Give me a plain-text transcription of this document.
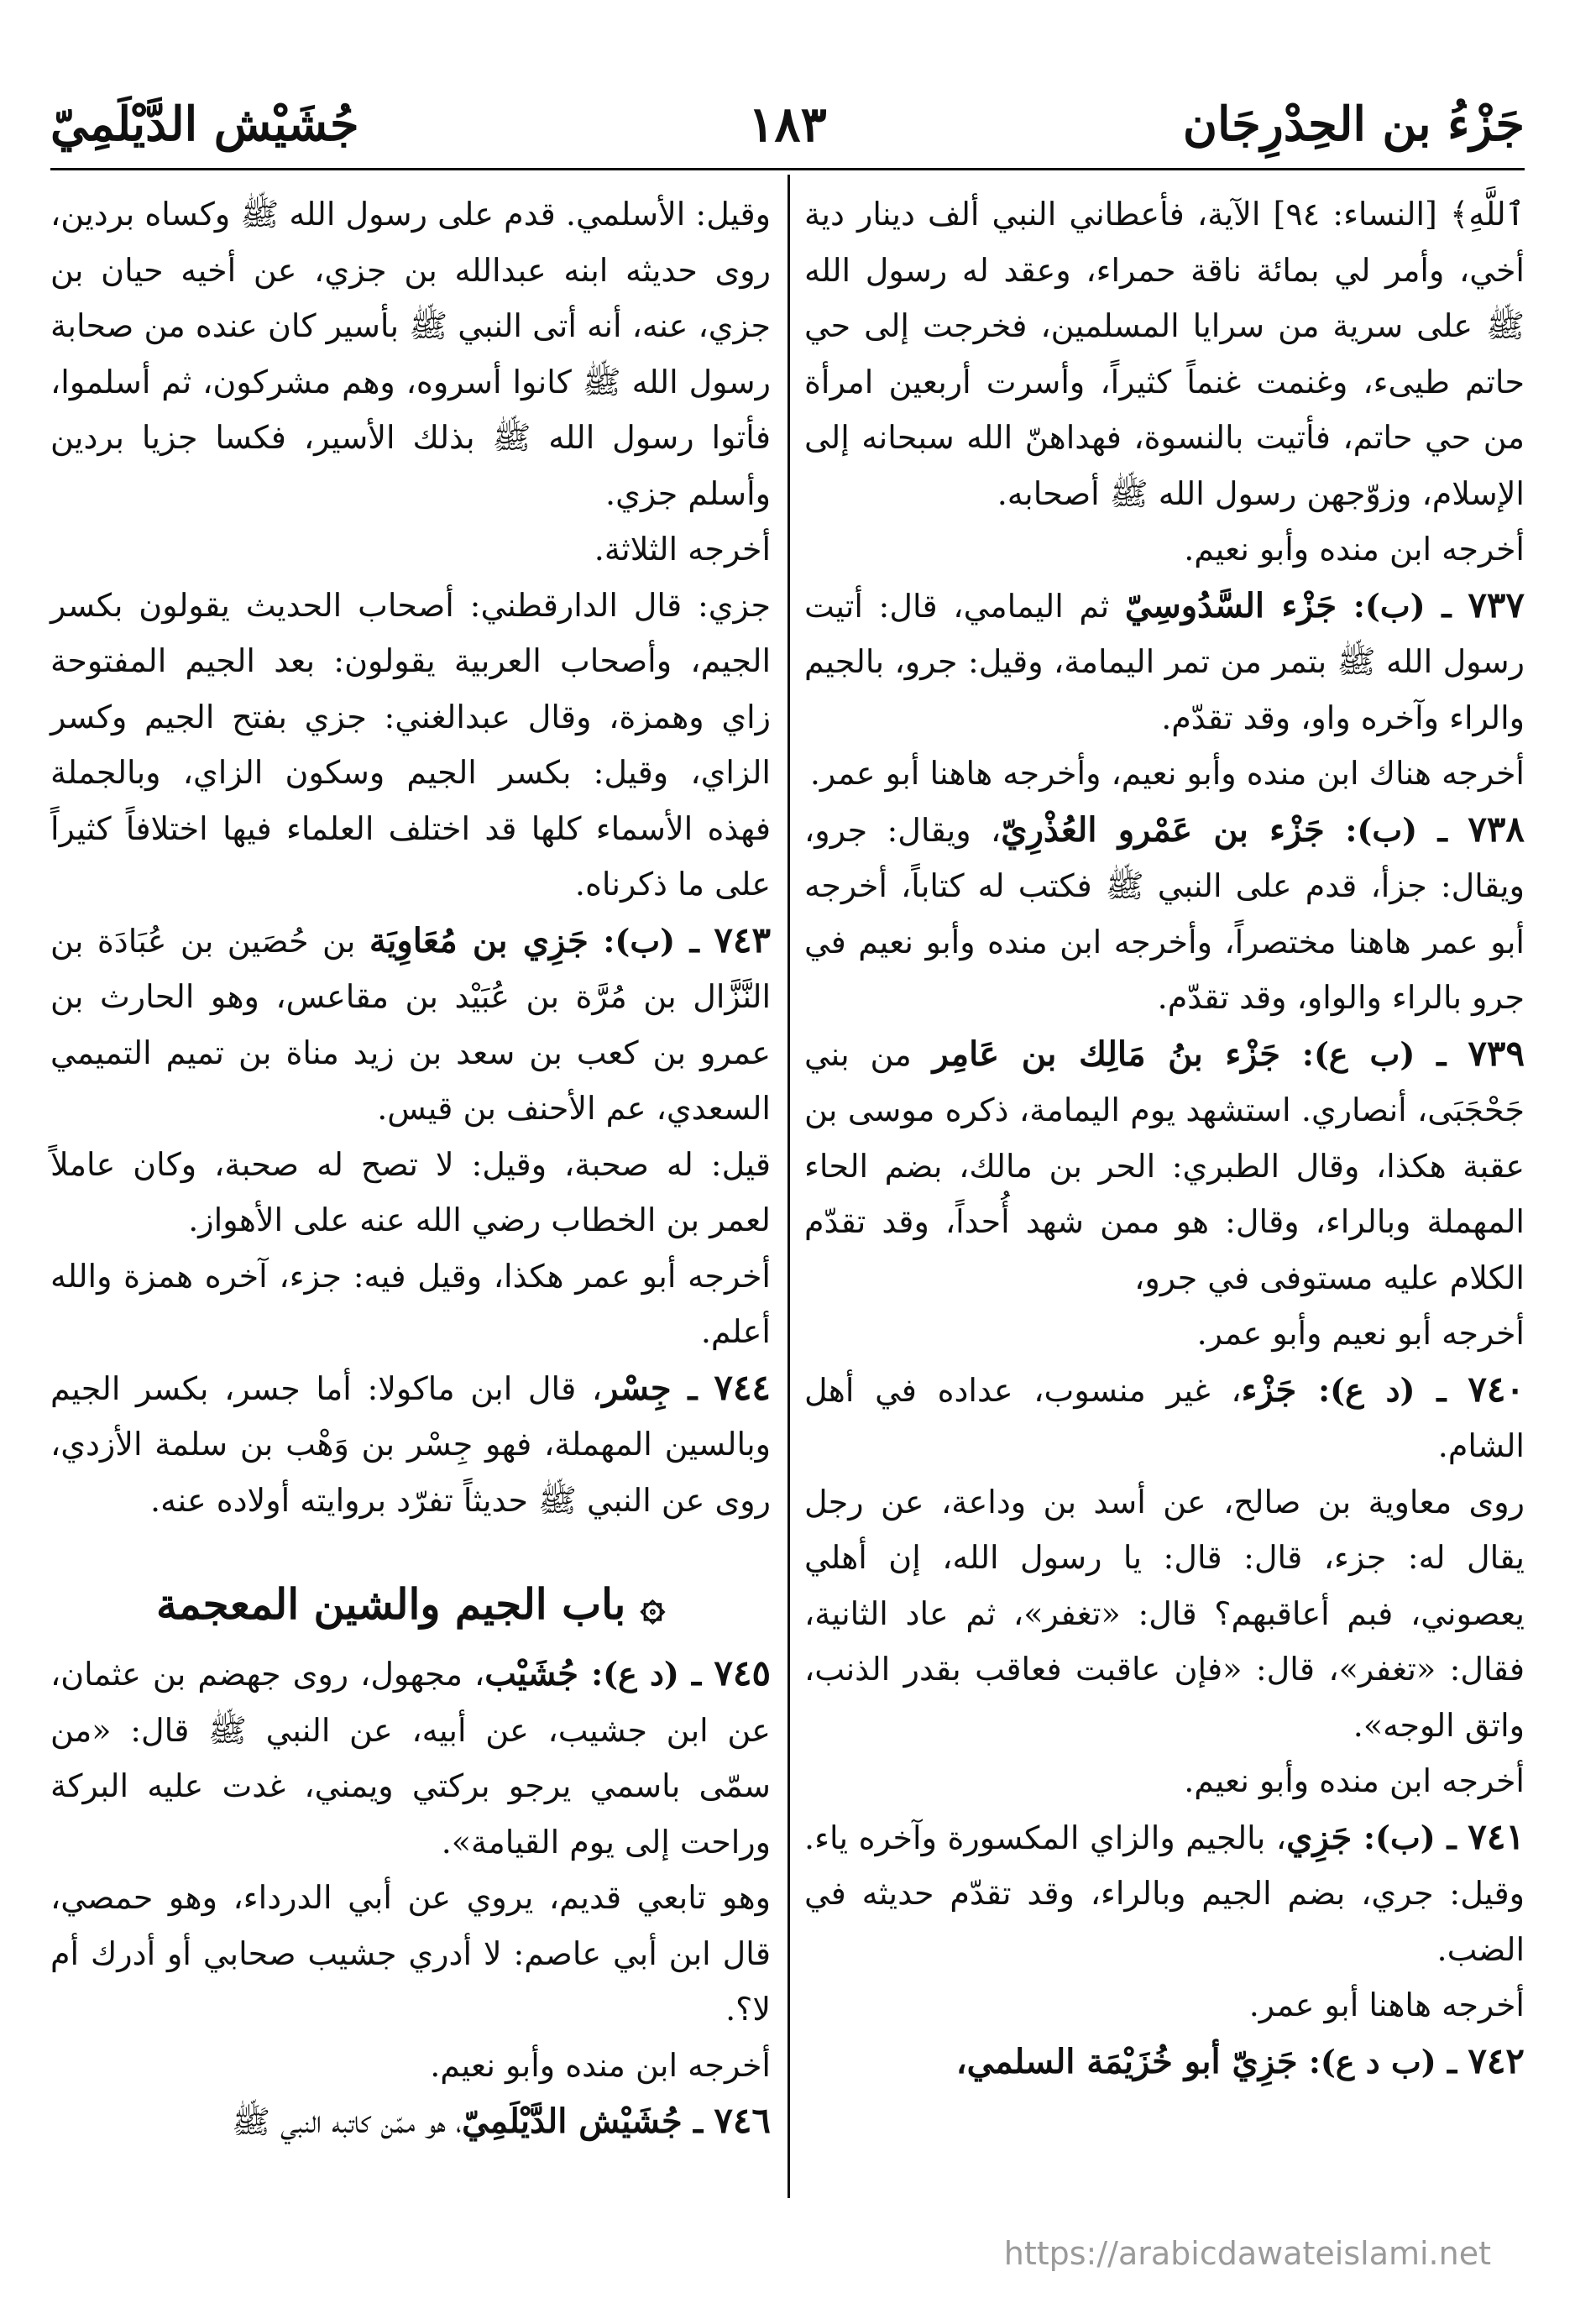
جَزْءُ بن الحِدْرِجَان
١٨٣
جُشَيْش الدَّيْلَمِيّ

ٱللَّهِ﴾ [النساء: ٩٤] الآية، فأعطاني النبي ألف دينار دية أخي، وأمر لي بمائة ناقة حمراء، وعقد له رسول الله ﷺ على سرية من سرايا المسلمين، فخرجت إلى حي حاتم طيىء، وغنمت غنماً كثيراً، وأسرت أربعين امرأة من حي حاتم، فأتيت بالنسوة، فهداهنّ الله سبحانه إلى الإسلام، وزوّجهن رسول الله ﷺ أصحابه.

أخرجه ابن منده وأبو نعيم.

٧٣٧ ـ (ب): جَزْء السَّدُوسِيّ ثم اليمامي، قال: أتيت رسول الله ﷺ بتمر من تمر اليمامة، وقيل: جرو، بالجيم والراء وآخره واو، وقد تقدّم.

أخرجه هناك ابن منده وأبو نعيم، وأخرجه هاهنا أبو عمر.

٧٣٨ ـ (ب): جَزْء بن عَمْرو العُذْرِيّ، ويقال: جرو، ويقال: جزأ، قدم على النبي ﷺ فكتب له كتاباً، أخرجه أبو عمر هاهنا مختصراً، وأخرجه ابن منده وأبو نعيم في جرو بالراء والواو، وقد تقدّم.

٧٣٩ ـ (ب ع): جَزْء بنُ مَالِك بن عَامِر من بني جَحْجَبَى، أنصاري. استشهد يوم اليمامة، ذكره موسى بن عقبة هكذا، وقال الطبري: الحر بن مالك، بضم الحاء المهملة وبالراء، وقال: هو ممن شهد أُحداً، وقد تقدّم الكلام عليه مستوفى في جرو،

أخرجه أبو نعيم وأبو عمر.

٧٤٠ ـ (د ع): جَزْء، غير منسوب، عداده في أهل الشام.

روى معاوية بن صالح، عن أسد بن وداعة، عن رجل يقال له: جزء، قال: قال: يا رسول الله، إن أهلي يعصوني، فبم أعاقبهم؟ قال: «تغفر»، ثم عاد الثانية، فقال: «تغفر»، قال: «فإن عاقبت فعاقب بقدر الذنب، واتق الوجه».

أخرجه ابن منده وأبو نعيم.

٧٤١ ـ (ب): جَزِي، بالجيم والزاي المكسورة وآخره ياء. وقيل: جري، بضم الجيم وبالراء، وقد تقدّم حديثه في الضب.

أخرجه هاهنا أبو عمر.

٧٤٢ ـ (ب د ع): جَزِيّ أبو خُزَيْمَة السلمي،

وقيل: الأسلمي. قدم على رسول الله ﷺ وكساه بردين، روى حديثه ابنه عبدالله بن جزي، عن أخيه حيان بن جزي، عنه، أنه أتى النبي ﷺ بأسير كان عنده من صحابة رسول الله ﷺ كانوا أسروه، وهم مشركون، ثم أسلموا، فأتوا رسول الله ﷺ بذلك الأسير، فكسا جزيا بردين وأسلم جزي.

أخرجه الثلاثة.

جزي: قال الدارقطني: أصحاب الحديث يقولون بكسر الجيم، وأصحاب العربية يقولون: بعد الجيم المفتوحة زاي وهمزة، وقال عبدالغني: جزي بفتح الجيم وكسر الزاي، وقيل: بكسر الجيم وسكون الزاي، وبالجملة فهذه الأسماء كلها قد اختلف العلماء فيها اختلافاً كثيراً على ما ذكرناه.

٧٤٣ ـ (ب): جَزِي بن مُعَاوِيَة بن حُصَين بن عُبَادَة بن النَّزَّال بن مُرَّة بن عُبَيْد بن مقاعس، وهو الحارث بن عمرو بن كعب بن سعد بن زيد مناة بن تميم التميمي السعدي، عم الأحنف بن قيس.

قيل: له صحبة، وقيل: لا تصح له صحبة، وكان عاملاً لعمر بن الخطاب رضي الله عنه على الأهواز.

أخرجه أبو عمر هكذا، وقيل فيه: جزء، آخره همزة والله أعلم.

٧٤٤ ـ جِسْر، قال ابن ماكولا: أما جسر، بكسر الجيم وبالسين المهملة، فهو جِسْر بن وَهْب بن سلمة الأزدي، روى عن النبي ﷺ حديثاً تفرّد بروايته أولاده عنه.

۞ باب الجيم والشين المعجمة

٧٤٥ ـ (د ع): جُشَيْب، مجهول، روى جهضم بن عثمان، عن ابن جشيب، عن أبيه، عن النبي ﷺ قال: «من سمّى باسمي يرجو بركتي ويمني، غدت عليه البركة وراحت إلى يوم القيامة».

وهو تابعي قديم، يروي عن أبي الدرداء، وهو حمصي، قال ابن أبي عاصم: لا أدري جشيب صحابي أو أدرك أم لا؟.

أخرجه ابن منده وأبو نعيم.

٧٤٦ ـ جُشَيْش الدَّيْلَمِيّ، هو ممّن كاتبه النبي ﷺ

https://arabicdawateislami.net
